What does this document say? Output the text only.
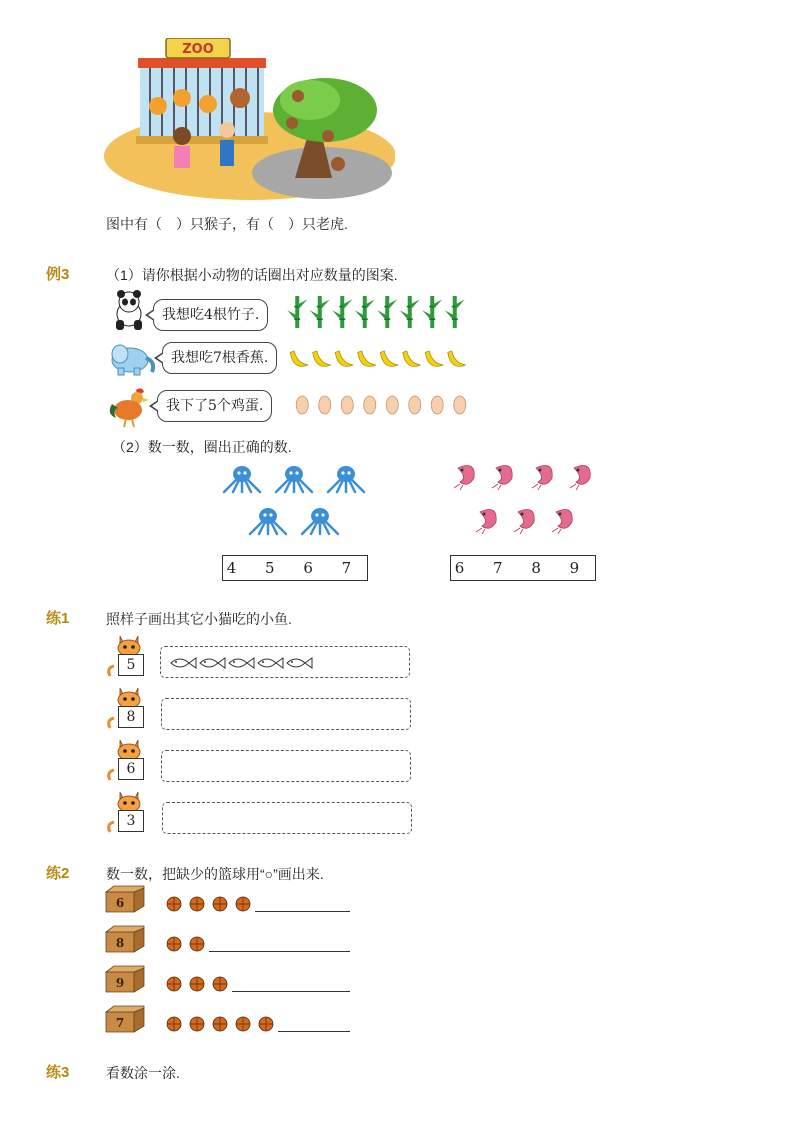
ZOO
图中有（　）只猴子，有（　）只老虎.
例3	（1）请你根据小动物的话圈出对应数量的图案.
我想吃4根竹子.
我想吃7根香蕉.
我下了5个鸡蛋.
（2）数一数，圈出正确的数.
4 5 6 7	6 7 8 9
练1	照样子画出其它小猫吃的小鱼.
5
8
6
3
练2	数一数，把缺少的篮球用“○”画出来.
6
8
9
7
练3	看数涂一涂.
